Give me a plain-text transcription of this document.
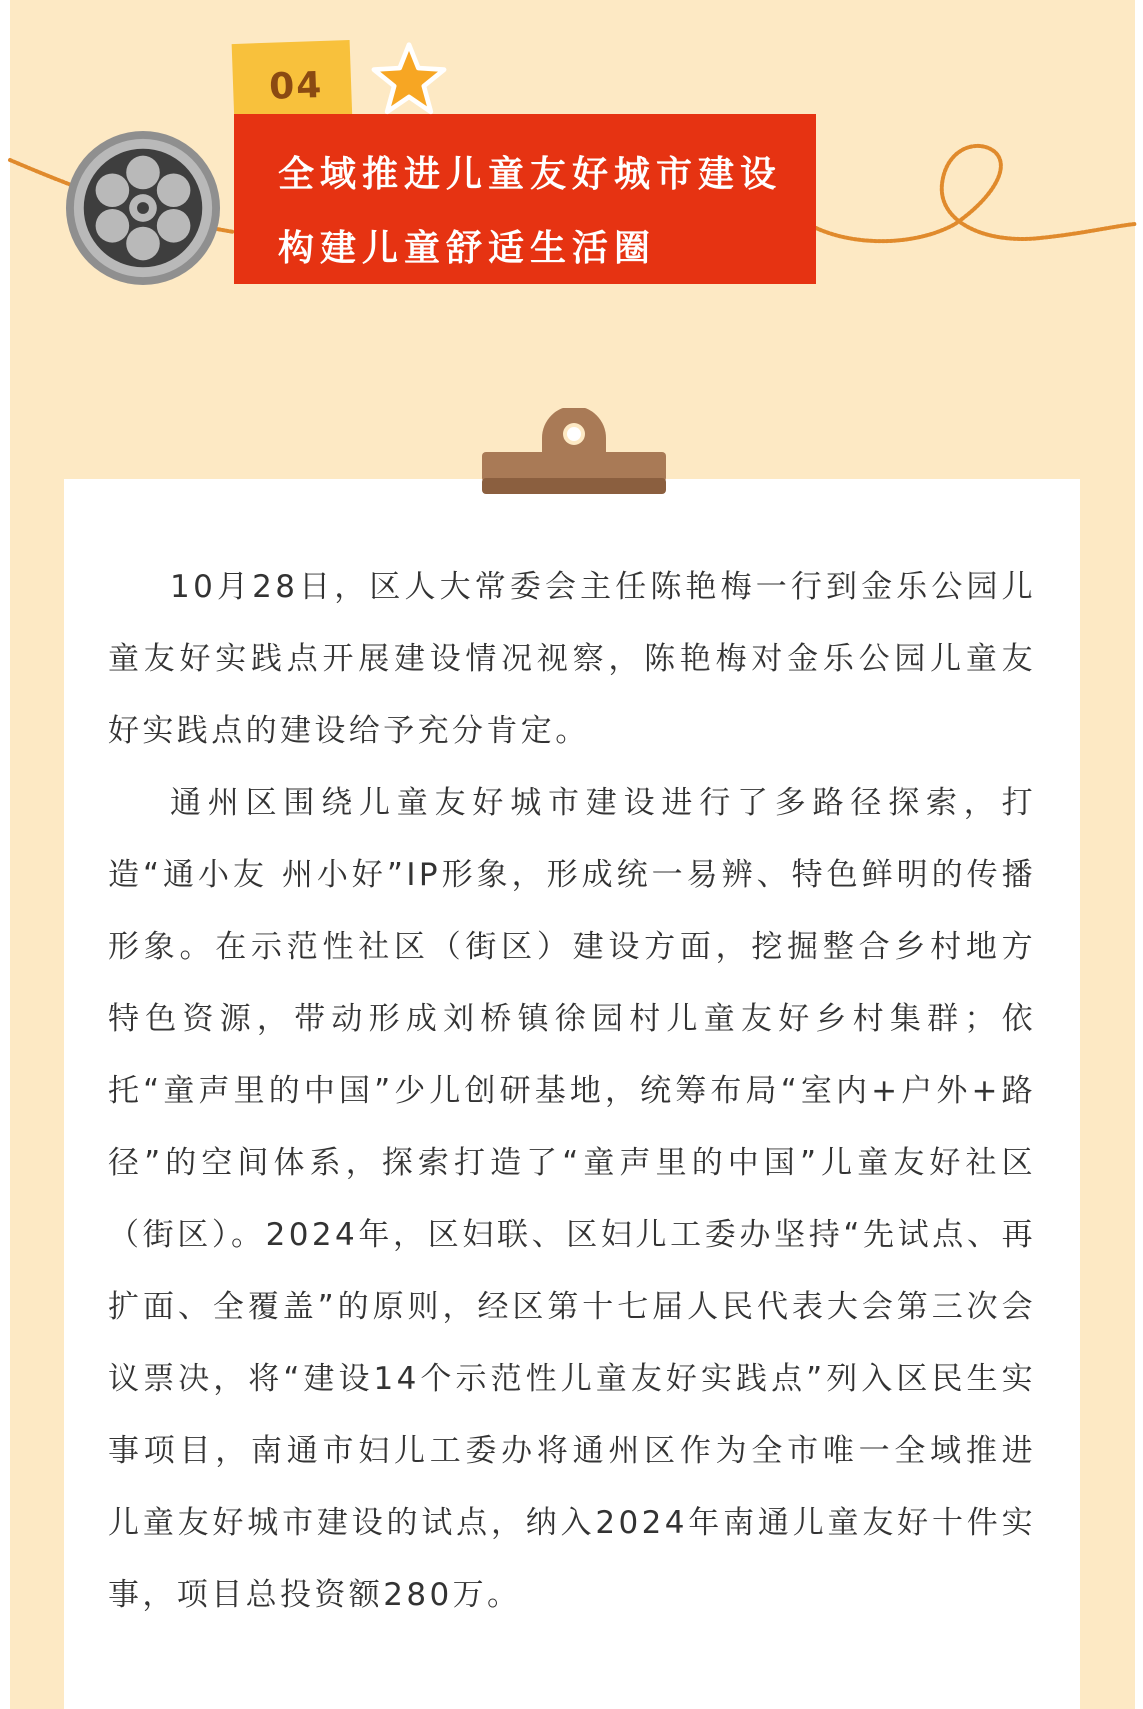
04
全域推进儿童友好城市建设
构建儿童舒适生活圈

10月28日，区人大常委会主任陈艳梅一行到金乐公园儿童友好实践点开展建设情况视察，陈艳梅对金乐公园儿童友好实践点的建设给予充分肯定。

通州区围绕儿童友好城市建设进行了多路径探索，打造“通小友 州小好”IP形象，形成统一易辨、特色鲜明的传播形象。在示范性社区（街区）建设方面，挖掘整合乡村地方特色资源，带动形成刘桥镇徐园村儿童友好乡村集群；依托“童声里的中国”少儿创研基地，统筹布局“室内+户外+路径”的空间体系，探索打造了“童声里的中国”儿童友好社区（街区）。2024年，区妇联、区妇儿工委办坚持“先试点、再扩面、全覆盖”的原则，经区第十七届人民代表大会第三次会议票决，将“建设14个示范性儿童友好实践点”列入区民生实事项目，南通市妇儿工委办将通州区作为全市唯一全域推进儿童友好城市建设的试点，纳入2024年南通儿童友好十件实事，项目总投资额280万。
